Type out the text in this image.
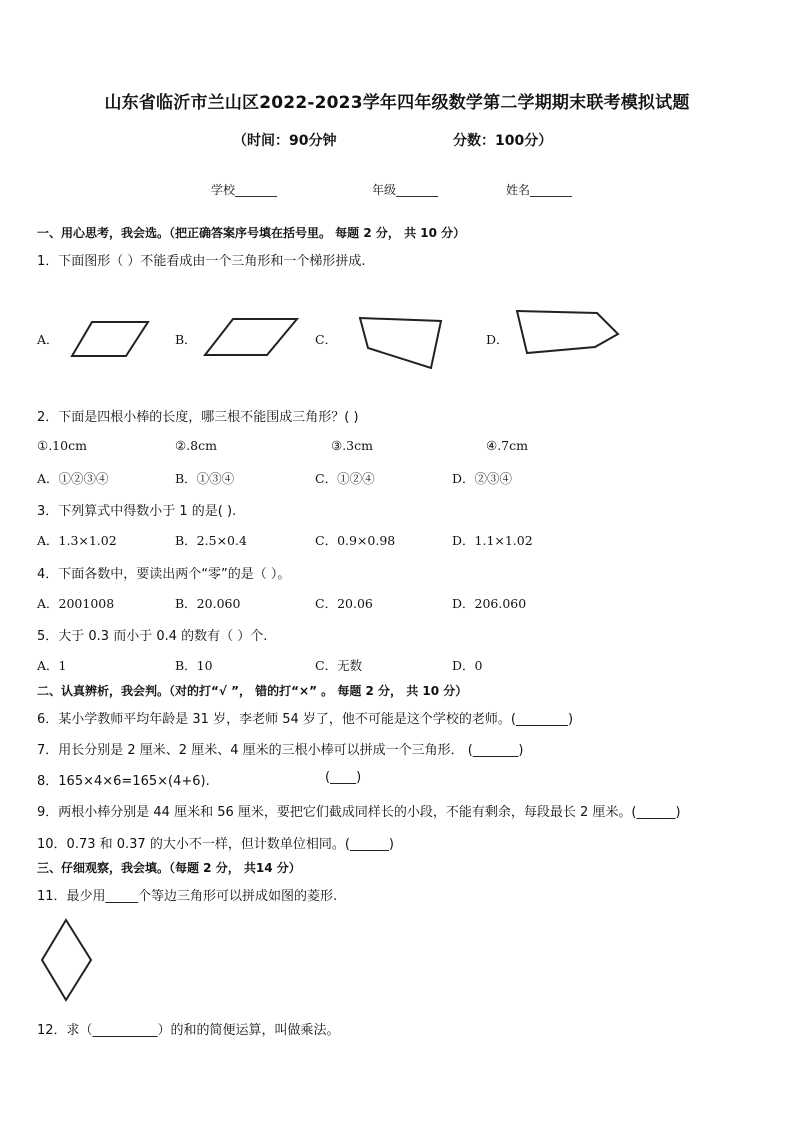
山东省临沂市兰山区2022-2023学年四年级数学第二学期期末联考模拟试题
（时间：90分钟	分数：100分）
学校_______	年级_______	姓名_______
一、用心思考，我会选。（把正确答案序号填在括号里。 每题 2 分， 共 10 分）
1．下面图形（ ）不能看成由一个三角形和一个梯形拼成.
A．	B．	C．	D．
2．下面是四根小棒的长度，哪三根不能围成三角形？( )
①.10cm	②.8cm	③.3cm	④.7cm
A．①②③④	B．①③④	C．①②④	D．②③④
3．下列算式中得数小于 1 的是( ).
A．1.3×1.02	B．2.5×0.4	C．0.9×0.98	D．1.1×1.02
4．下面各数中，要读出两个“零”的是（ ）。
A．2001008	B．20.060	C．20.06	D．206.060
5．大于 0.3 而小于 0.4 的数有（ ）个.
A．1	B．10	C．无数	D．0
二、认真辨析，我会判。（对的打“√ ”， 错的打“×” 。 每题 2 分， 共 10 分）
6．某小学教师平均年龄是 31 岁，李老师 54 岁了，他不可能是这个学校的老师。(________)
7．用长分别是 2 厘米、2 厘米、4 厘米的三根小棒可以拼成一个三角形． (_______)
8．165×4×6=165×(4+6).	(____)
9．两根小棒分别是 44 厘米和 56 厘米，要把它们截成同样长的小段，不能有剩余，每段最长 2 厘米。(______)
10．0.73 和 0.37 的大小不一样，但计数单位相同。(______)
三、仔细观察，我会填。（每题 2 分， 共14 分）
11．最少用_____个等边三角形可以拼成如图的菱形.
12．求（__________）的和的简便运算，叫做乘法。
